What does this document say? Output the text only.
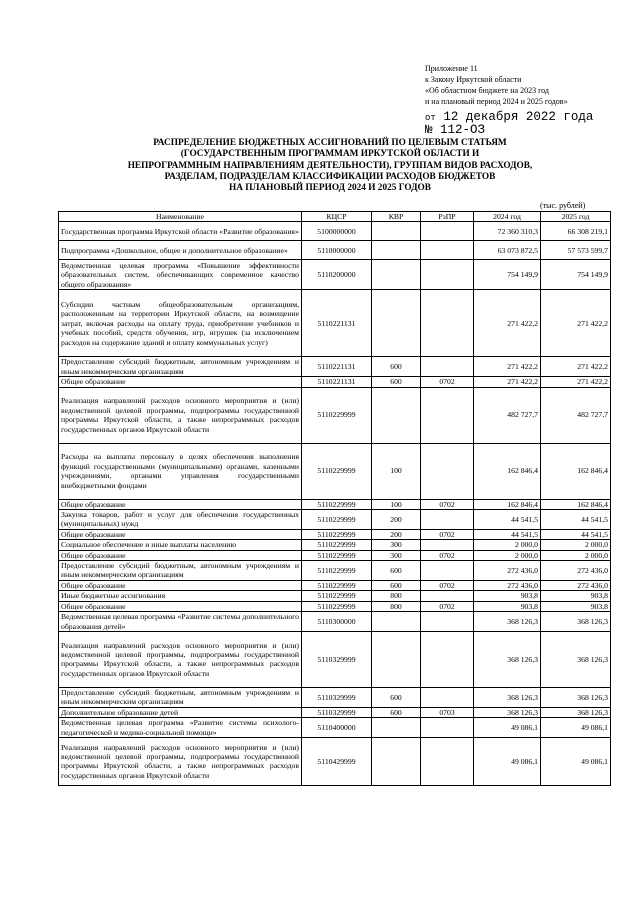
Приложение 11
к Закону Иркутской области
«Об областном бюджете на 2023 год
и на плановый период 2024 и 2025 годов»
от 12 декабря 2022 года
№ 112-ОЗ
РАСПРЕДЕЛЕНИЕ БЮДЖЕТНЫХ АССИГНОВАНИЙ ПО ЦЕЛЕВЫМ СТАТЬЯМ
(ГОСУДАРСТВЕННЫМ ПРОГРАММАМ ИРКУТСКОЙ ОБЛАСТИ И
НЕПРОГРАММНЫМ НАПРАВЛЕНИЯМ ДЕЯТЕЛЬНОСТИ), ГРУППАМ ВИДОВ РАСХОДОВ,
РАЗДЕЛАМ, ПОДРАЗДЕЛАМ КЛАССИФИКАЦИИ РАСХОДОВ БЮДЖЕТОВ
НА ПЛАНОВЫЙ ПЕРИОД 2024 И 2025 ГОДОВ
(тыс. рублей)
Наименование	КЦСР	КВР	РзПР	2024 год	2025 год
Государственная программа Иркутской области «Развитие образования»	5100000000			72 360 310,3	66 308 219,1
Подпрограмма «Дошкольное, общее и дополнительное образование»	5110000000			63 073 872,5	57 573 599,7
Ведомственная целевая программа «Повышение эффективности образовательных систем, обеспечивающих современное качество общего образования»	5110200000			754 149,9	754 149,9
Субсидии частным общеобразовательным организациям, расположенным на территории Иркутской области, на возмещение затрат, включая расходы на оплату труда, приобретение учебников и учебных пособий, средств обучения, игр, игрушек (за исключением расходов на содержание зданий и оплату коммунальных услуг)	5110221131			271 422,2	271 422,2
Предоставление субсидий бюджетным, автономным учреждениям и иным некоммерческим организациям	5110221131	600		271 422,2	271 422,2
Общее образование	5110221131	600	0702	271 422,2	271 422,2
Реализация направлений расходов основного мероприятия и (или) ведомственной целевой программы, подпрограммы государственной программы Иркутской области, а также непрограммных расходов государственных органов Иркутской области	5110229999			482 727,7	482 727,7
Расходы на выплаты персоналу в целях обеспечения выполнения функций государственными (муниципальными) органами, казенными учреждениями, органами управления государственными внебюджетными фондами	5110229999	100		162 846,4	162 846,4
Общее образование	5110229999	100	0702	162 846,4	162 846,4
Закупка товаров, работ и услуг для обеспечения государственных (муниципальных) нужд	5110229999	200		44 541,5	44 541,5
Общее образование	5110229999	200	0702	44 541,5	44 541,5
Социальное обеспечение и иные выплаты населению	5110229999	300		2 000,0	2 000,0
Общее образование	5110229999	300	0702	2 000,0	2 000,0
Предоставление субсидий бюджетным, автономным учреждениям и иным некоммерческим организациям	5110229999	600		272 436,0	272 436,0
Общее образование	5110229999	600	0702	272 436,0	272 436,0
Иные бюджетные ассигнования	5110229999	800		903,8	903,8
Общее образование	5110229999	800	0702	903,8	903,8
Ведомственная целевая программа «Развитие системы дополнительного образования детей»	5110300000			368 126,3	368 126,3
Реализация направлений расходов основного мероприятия и (или) ведомственной целевой программы, подпрограммы государственной программы Иркутской области, а также непрограммных расходов государственных органов Иркутской области	5110329999			368 126,3	368 126,3
Предоставление субсидий бюджетным, автономным учреждениям и иным некоммерческим организациям	5110329999	600		368 126,3	368 126,3
Дополнительное образование детей	5110329999	600	0703	368 126,3	368 126,3
Ведомственная целевая программа «Развитие системы психолого-педагогической и медико-социальной помощи»	5110400000			49 086,1	49 086,1
Реализация направлений расходов основного мероприятия и (или) ведомственной целевой программы, подпрограммы государственной программы Иркутской области, а также непрограммных расходов государственных органов Иркутской области	5110429999			49 086,1	49 086,1
